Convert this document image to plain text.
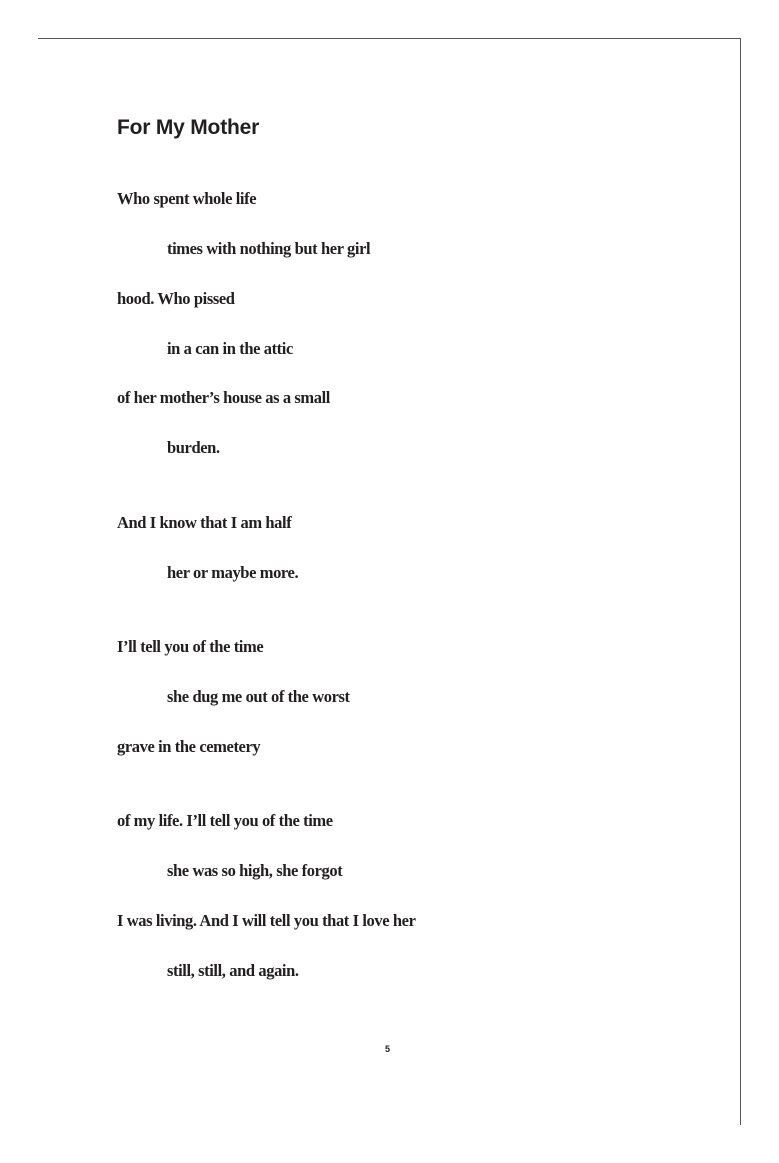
For My Mother

Who spent whole life

times with nothing but her girl

hood. Who pissed

in a can in the attic

of her mother’s house as a small

burden.

And I know that I am half

her or maybe more.

I’ll tell you of the time

she dug me out of the worst

grave in the cemetery

of my life. I’ll tell you of the time

she was so high, she forgot

I was living. And I will tell you that I love her

still, still, and again.

5
